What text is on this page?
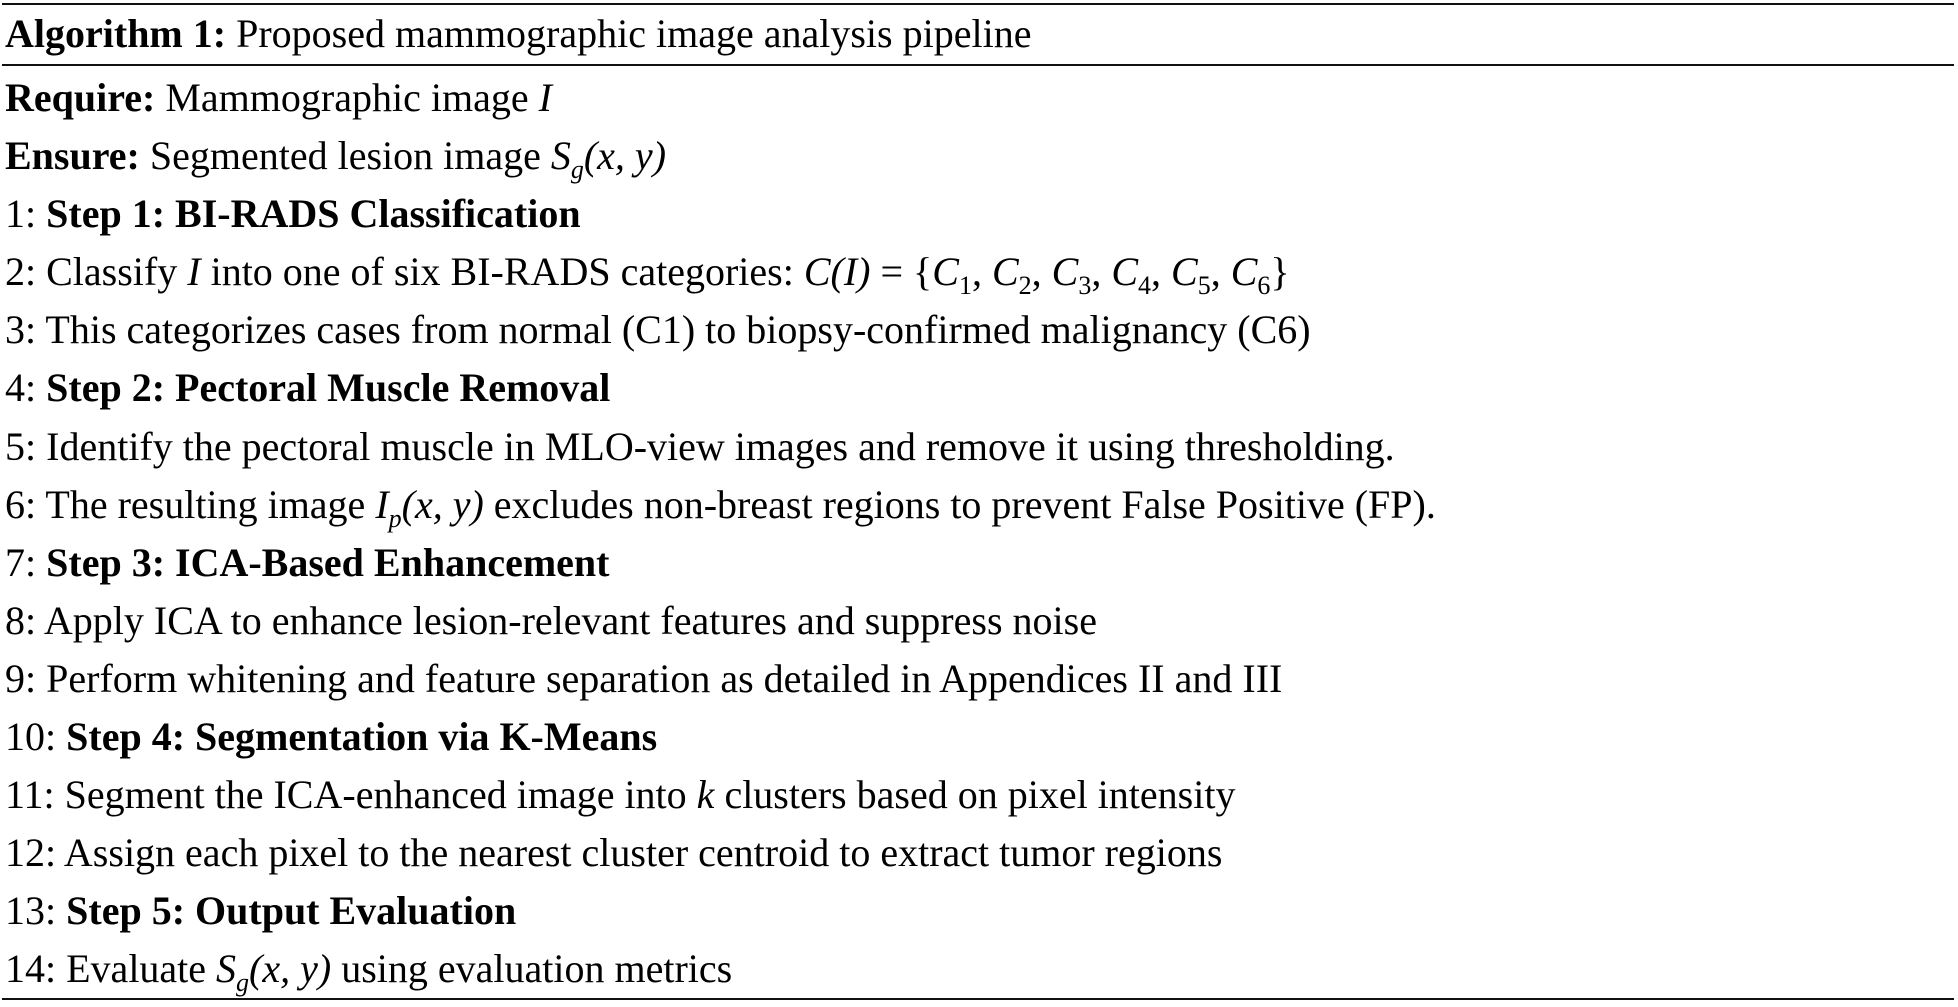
Algorithm 1: Proposed mammographic image analysis pipeline
Require: Mammographic image I
Ensure: Segmented lesion image $S_g(x$, y)
1: Step 1: BI-RADS Classification
2: Classify I into one of six BI-RADS categories: $C(I) = \{C_1$, $C_2$, $C_3$, $C_4$, $C_5$, $C_6$}
3: This categorizes cases from normal (C1) to biopsy-confirmed malignancy (C6)
4: Step 2: Pectoral Muscle Removal
5: Identify the pectoral muscle in MLO-view images and remove it using thresholding.
6: The resulting image $I_p(x$, y) excludes non-breast regions to prevent False Positive (FP).
7: Step 3: ICA-Based Enhancement
8: Apply ICA to enhance lesion-relevant features and suppress noise
9: Perform whitening and feature separation as detailed in Appendices II and III
10: Step 4: Segmentation via K-Means
11: Segment the ICA-enhanced image into k clusters based on pixel intensity
12: Assign each pixel to the nearest cluster centroid to extract tumor regions
13: Step 5: Output Evaluation
14: Evaluate $S_g(x$, y) using evaluation metrics
